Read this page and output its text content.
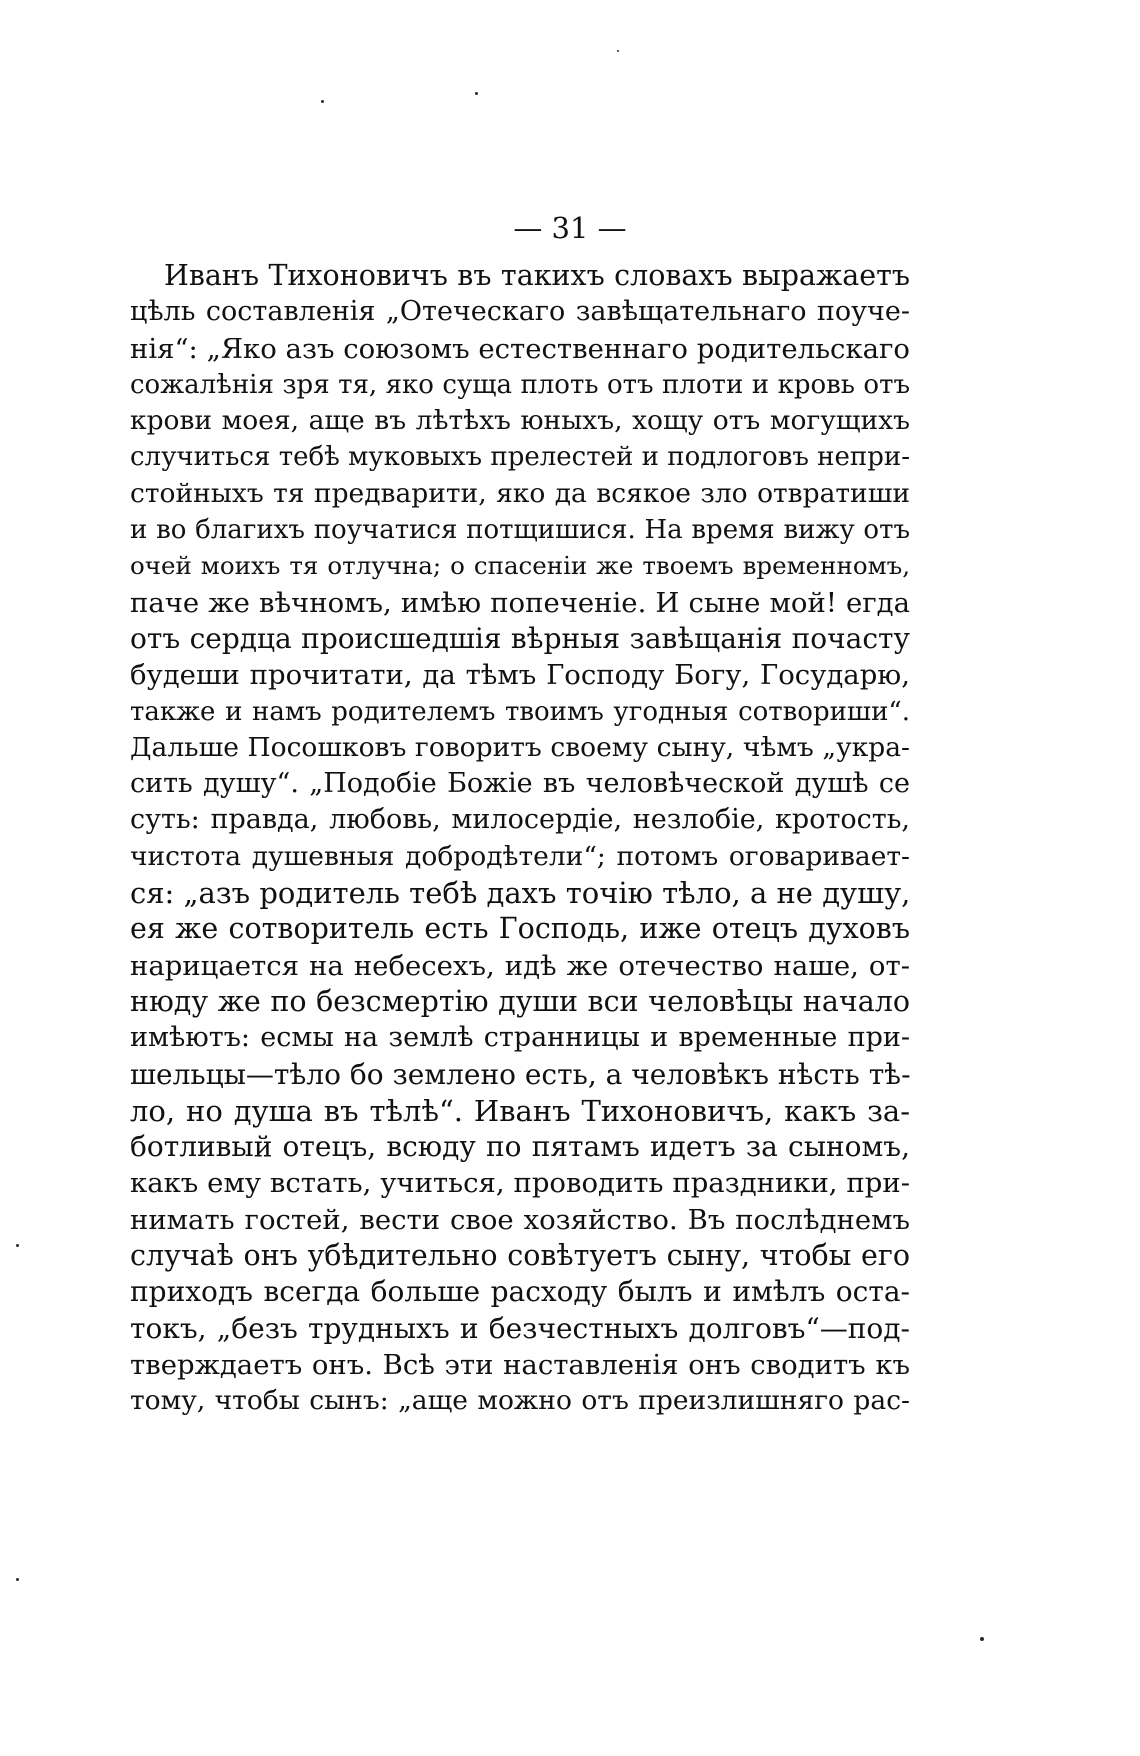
— 31 —
Иванъ Тихоновичъ въ такихъ словахъ выражаетъ
цѣль составленія „Отеческаго завѣщательнаго поуче-
нія“: „Яко азъ союзомъ естественнаго родительскаго
сожалѣнія зря тя, яко суща плоть отъ плоти и кровь отъ
крови моея, аще въ лѣтѣхъ юныхъ, хощу отъ могущихъ
случиться тебѣ муковыхъ прелестей и подлоговъ непри-
стойныхъ тя предварити, яко да всякое зло отвратиши
и во благихъ поучатися потщишися. На время вижу отъ
очей моихъ тя отлучна; о спасеніи же твоемъ временномъ,
паче же вѣчномъ, имѣю попеченіе. И сыне мой! егда
отъ сердца происшедшія вѣрныя завѣщанія почасту
будеши прочитати, да тѣмъ Господу Богу, Государю,
также и намъ родителемъ твоимъ угодныя сотвориши“.
Дальше Посошковъ говоритъ своему сыну, чѣмъ „укра-
сить душу“. „Подобіе Божіе въ человѣческой душѣ се
суть: правда, любовь, милосердіе, незлобіе, кротость,
чистота душевныя добродѣтели“; потомъ оговаривает-
ся: „азъ родитель тебѣ дахъ точію тѣло, а не душу,
ея же сотворитель есть Господь, иже отецъ духовъ
нарицается на небесехъ, идѣ же отечество наше, от-
нюду же по безсмертію души вси человѣцы начало
имѣютъ: есмы на землѣ странницы и временные при-
шельцы—тѣло бо землено есть, а человѣкъ нѣсть тѣ-
ло, но душа въ тѣлѣ“. Иванъ Тихоновичъ, какъ за-
ботливый отецъ, всюду по пятамъ идетъ за сыномъ,
какъ ему встать, учиться, проводить праздники, при-
нимать гостей, вести свое хозяйство. Въ послѣднемъ
случаѣ онъ убѣдительно совѣтуетъ сыну, чтобы его
приходъ всегда больше расходу былъ и имѣлъ оста-
токъ, „безъ трудныхъ и безчестныхъ долговъ“—под-
тверждаетъ онъ. Всѣ эти наставленія онъ сводитъ къ
тому, чтобы сынъ: „аще можно отъ преизлишняго рас-
